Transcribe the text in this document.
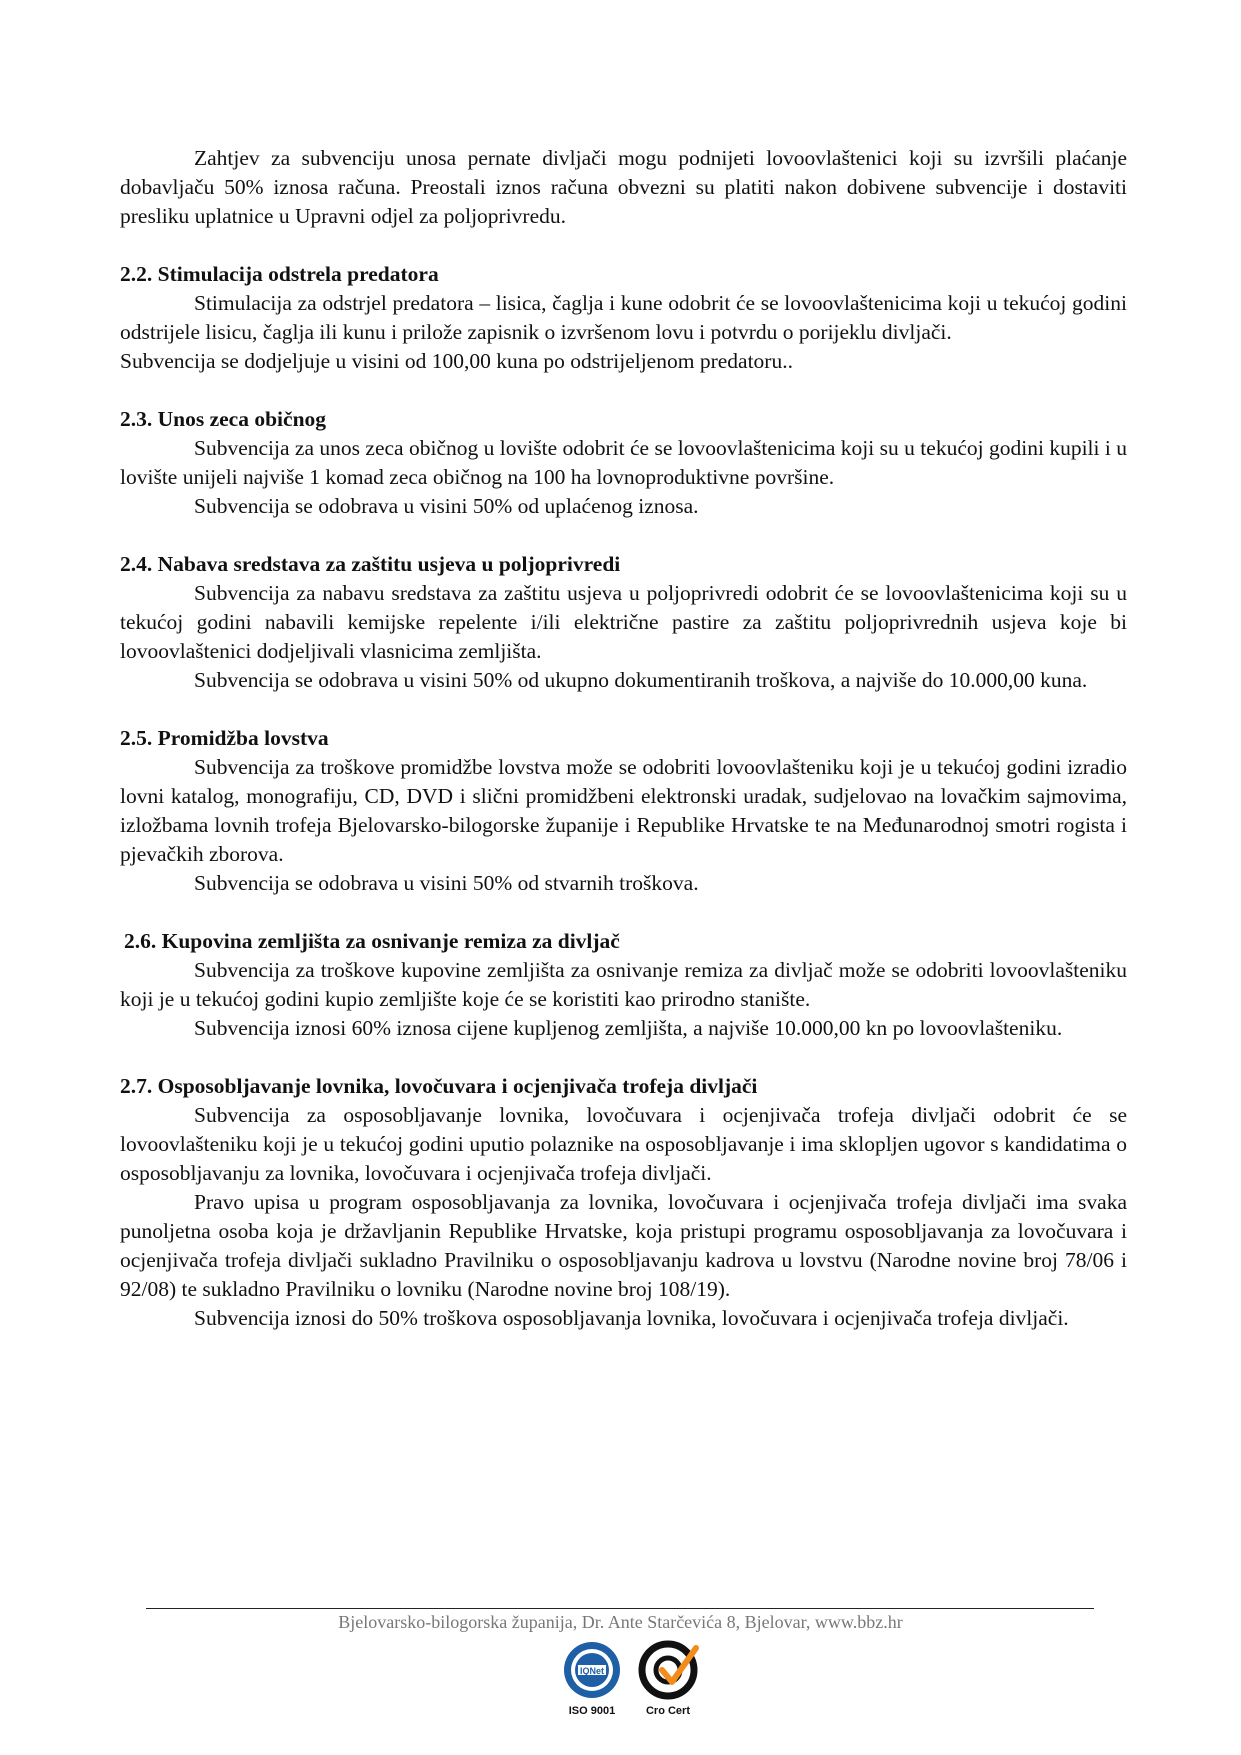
Zahtjev za subvenciju unosa pernate divljači mogu podnijeti lovoovlaštenici koji su izvršili plaćanje dobavljaču 50% iznosa računa. Preostali iznos računa obvezni su platiti nakon dobivene subvencije i dostaviti presliku uplatnice u Upravni odjel za poljoprivredu.

2.2. Stimulacija odstrela predatora

Stimulacija za odstrjel predatora – lisica, čaglja i kune odobrit će se lovoovlaštenicima koji u tekućoj godini odstrijele lisicu, čaglja ili kunu i prilože zapisnik o izvršenom lovu i potvrdu o porijeklu divljači.

Subvencija se dodjeljuje u visini od 100,00 kuna po odstrijeljenom predatoru..

2.3. Unos zeca običnog

Subvencija za unos zeca običnog u lovište odobrit će se lovoovlaštenicima koji su u tekućoj godini kupili i u lovište unijeli najviše 1 komad zeca običnog na 100 ha lovnoproduktivne površine.

Subvencija se odobrava u visini 50% od uplaćenog iznosa.

2.4. Nabava sredstava za zaštitu usjeva u poljoprivredi

Subvencija za nabavu sredstava za zaštitu usjeva u poljoprivredi odobrit će se lovoovlaštenicima koji su u tekućoj godini nabavili kemijske repelente i/ili električne pastire za zaštitu poljoprivrednih usjeva koje bi lovoovlaštenici dodjeljivali vlasnicima zemljišta.

Subvencija se odobrava u visini 50% od ukupno dokumentiranih troškova, a najviše do 10.000,00 kuna.

2.5. Promidžba lovstva

Subvencija za troškove promidžbe lovstva može se odobriti lovoovlašteniku koji je u tekućoj godini izradio lovni katalog, monografiju, CD, DVD i slični promidžbeni elektronski uradak, sudjelovao na lovačkim sajmovima, izložbama lovnih trofeja Bjelovarsko-bilogorske županije i Republike Hrvatske te na Međunarodnoj smotri rogista i pjevačkih zborova.

Subvencija se odobrava u visini 50% od stvarnih troškova.

2.6. Kupovina zemljišta za osnivanje remiza za divljač

Subvencija za troškove kupovine zemljišta za osnivanje remiza za divljač može se odobriti lovoovlašteniku koji je u tekućoj godini kupio zemljište koje će se koristiti kao prirodno stanište.

Subvencija iznosi 60% iznosa cijene kupljenog zemljišta, a najviše 10.000,00 kn po lovoovlašteniku.

2.7. Osposobljavanje lovnika, lovočuvara i ocjenjivača trofeja divljači

Subvencija za osposobljavanje lovnika, lovočuvara i ocjenjivača trofeja divljači odobrit će se lovoovlašteniku koji je u tekućoj godini uputio polaznike na osposobljavanje i ima sklopljen ugovor s kandidatima o osposobljavanju za lovnika, lovočuvara i ocjenjivača trofeja divljači.

Pravo upisa u program osposobljavanja za lovnika, lovočuvara i ocjenjivača trofeja divljači ima svaka punoljetna osoba koja je državljanin Republike Hrvatske, koja pristupi programu osposobljavanja za lovočuvara i ocjenjivača trofeja divljači sukladno Pravilniku o osposobljavanju kadrova u lovstvu (Narodne novine broj 78/06 i 92/08) te sukladno Pravilniku o lovniku (Narodne novine broj 108/19).

Subvencija iznosi do 50% troškova osposobljavanja lovnika, lovočuvara i ocjenjivača trofeja divljači.

Bjelovarsko-bilogorska županija, Dr. Ante Starčevića 8, Bjelovar, www.bbz.hr
IQNet
ISO 9001	Cro Cert
